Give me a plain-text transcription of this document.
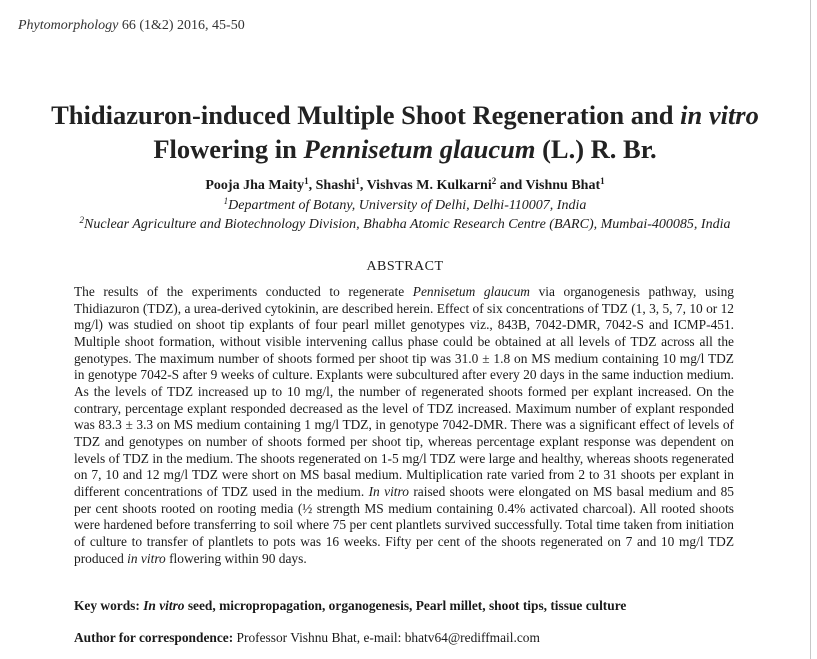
Phytomorphology 66 (1&2) 2016, 45-50
Thidiazuron-induced Multiple Shoot Regeneration and in vitro
Flowering in Pennisetum glaucum (L.) R. Br.
Pooja Jha Maity$^1$, Shashi$^1$, Vishvas M. Kulkarni$^2$ and Vishnu Bhat$^1$
$^1$Department of Botany, University of Delhi, Delhi-110007, India
$^2$Nuclear Agriculture and Biotechnology Division, Bhabha Atomic Research Centre (BARC), Mumbai-400085, India
ABSTRACT
The results of the experiments conducted to regenerate Pennisetum glaucum via organogenesis pathway, using Thidiazuron (TDZ), a urea-derived cytokinin, are described herein. Effect of six concentrations of TDZ (1, 3, 5, 7, 10 or 12 mg/l) was studied on shoot tip explants of four pearl millet genotypes viz., 843B, 7042-DMR, 7042-S and ICMP-451. Multiple shoot formation, without visible intervening callus phase could be obtained at all levels of TDZ across all the genotypes. The maximum number of shoots formed per shoot tip was 31.0 ± 1.8 on MS medium containing 10 mg/l TDZ in genotype 7042-S after 9 weeks of culture. Explants were subcultured after every 20 days in the same induction medium. As the levels of TDZ increased up to 10 mg/l, the number of regenerated shoots formed per explant increased. On the contrary, percentage explant responded decreased as the level of TDZ increased. Maximum number of explant responded was 83.3 ± 3.3 on MS medium containing 1 mg/l TDZ, in genotype 7042-DMR. There was a significant effect of levels of TDZ and genotypes on number of shoots formed per shoot tip, whereas percentage explant response was dependent on levels of TDZ in the medium. The shoots regenerated on 1-5 mg/l TDZ were large and healthy, whereas shoots regenerated on 7, 10 and 12 mg/l TDZ were short on MS basal medium. Multiplication rate varied from 2 to 31 shoots per explant in different concentrations of TDZ used in the medium. In vitro raised shoots were elongated on MS basal medium and 85 per cent shoots rooted on rooting media (½ strength MS medium containing 0.4% activated charcoal). All rooted shoots were hardened before transferring to soil where 75 per cent plantlets survived successfully. Total time taken from initiation of culture to transfer of plantlets to pots was 16 weeks. Fifty per cent of the shoots regenerated on 7 and 10 mg/l TDZ produced in vitro flowering within 90 days.
Key words: In vitro seed, micropropagation, organogenesis, Pearl millet, shoot tips, tissue culture
Author for correspondence: Professor Vishnu Bhat, e-mail: bhatv64@rediffmail.com
